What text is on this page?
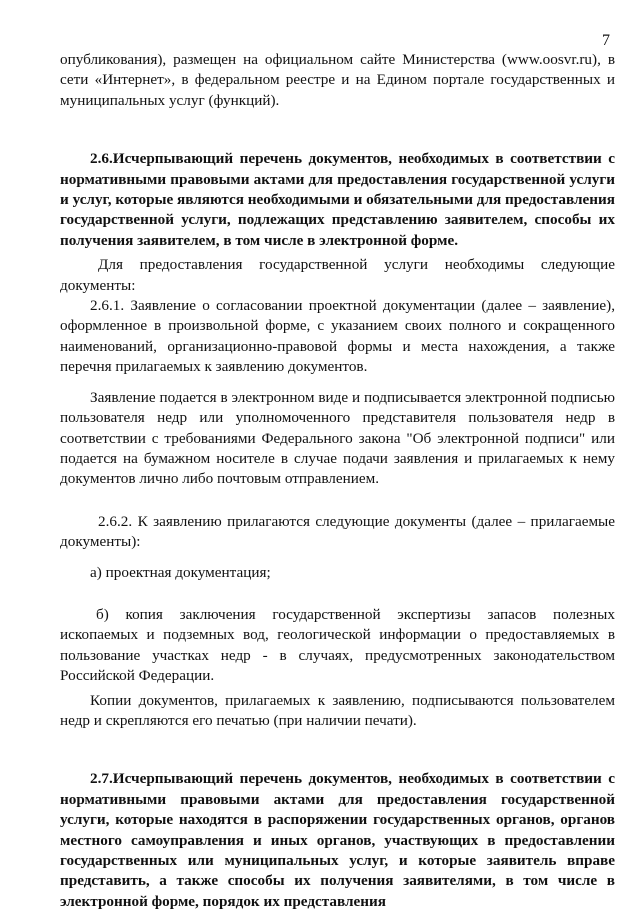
7

опубликования), размещен на официальном сайте Министерства (www.oosvr.ru), в сети «Интернет», в федеральном реестре и на Едином портале государственных и муниципальных услуг (функций).

2.6.Исчерпывающий перечень документов, необходимых в соответствии с нормативными правовыми актами для предоставления государственной услуги и услуг, которые являются необходимыми и обязательными для предоставления государственной услуги, подлежащих представлению заявителем, способы их получения заявителем, в том числе в электронной форме.

Для предоставления государственной услуги необходимы следующие документы:

2.6.1. Заявление о согласовании проектной документации (далее – заявление), оформленное в произвольной форме, с указанием своих полного и сокращенного наименований, организационно-правовой формы и места нахождения, а также перечня прилагаемых к заявлению документов.

Заявление подается в электронном виде и подписывается электронной подписью пользователя недр или уполномоченного представителя пользователя недр в соответствии с требованиями Федерального закона "Об электронной подписи" или подается на бумажном носителе в случае подачи заявления и прилагаемых к нему документов лично либо почтовым отправлением.

2.6.2. К заявлению прилагаются следующие документы (далее – прилагаемые документы):

а) проектная документация;

б) копия заключения государственной экспертизы запасов полезных ископаемых и подземных вод, геологической информации о предоставляемых в пользование участках недр - в случаях, предусмотренных законодательством Российской Федерации.

Копии документов, прилагаемых к заявлению, подписываются пользователем недр и скрепляются его печатью (при наличии печати).

2.7.Исчерпывающий перечень документов, необходимых в соответствии с нормативными правовыми актами для предоставления государственной услуги, которые находятся в распоряжении государственных органов, органов местного самоуправления и иных органов, участвующих в предоставлении государственных или муниципальных услуг, и которые заявитель вправе представить, а также способы их получения заявителями, в том числе в электронной форме, порядок их представления
